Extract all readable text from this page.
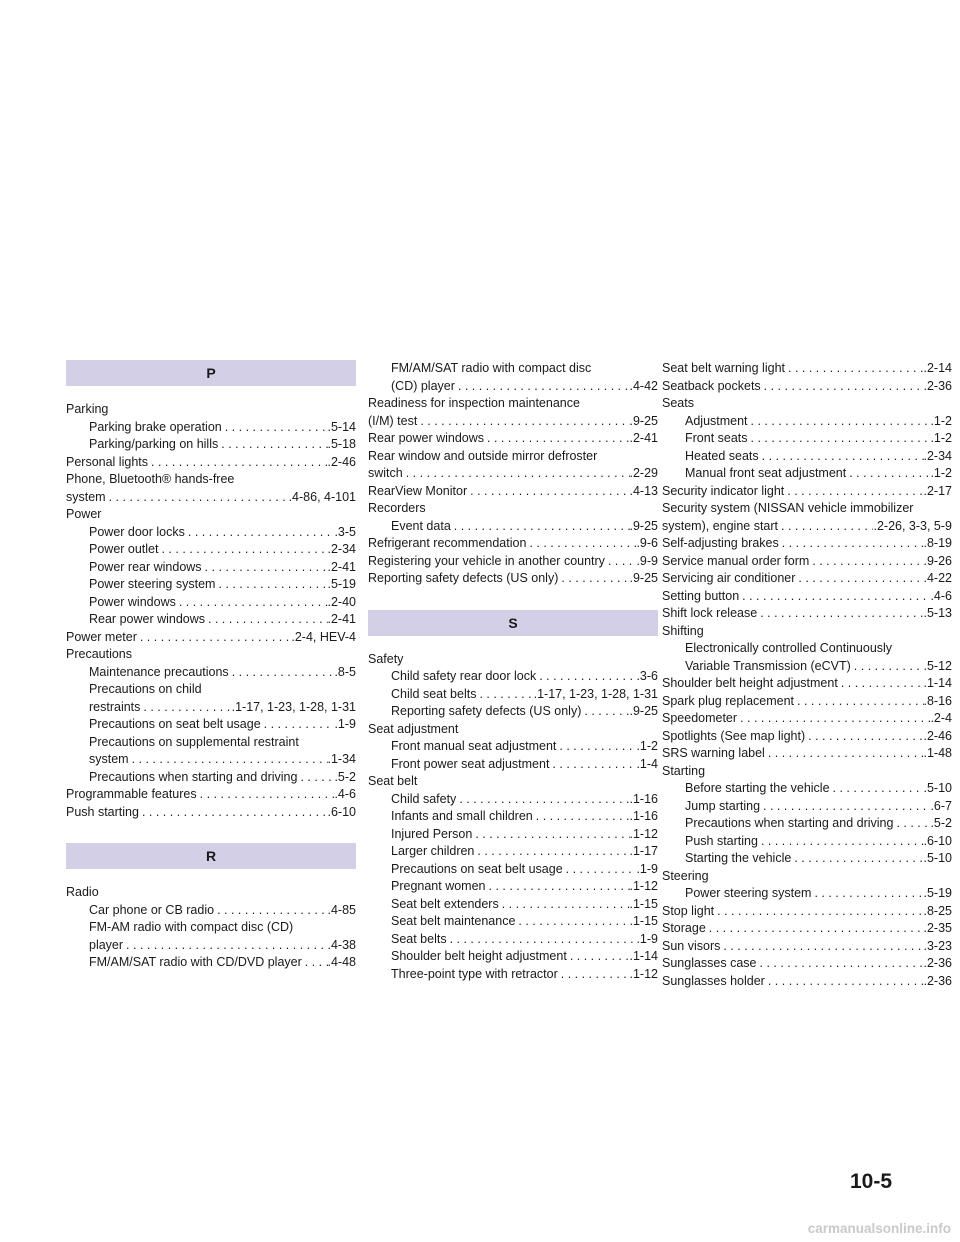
P
Parking
Parking brake operation . . .	.5-14
Parking/parking on hills . . .	.5-18
Personal lights . . .	.2-46
Phone, Bluetooth® hands-free
system . . .	.4-86, 4-101
Power
Power door locks . . .	.3-5
Power outlet . . .	.2-34
Power rear windows . . .	.2-41
Power steering system . . .	.5-19
Power windows . . .	.2-40
Rear power windows . . .	.2-41
Power meter . . .	.2-4, HEV-4
Precautions
Maintenance precautions . . .	.8-5
Precautions on child
restraints . . .	.1-17, 1-23, 1-28, 1-31
Precautions on seat belt usage . . .	.1-9
Precautions on supplemental restraint
system . . .	.1-34
Precautions when starting and driving . . .	.5-2
Programmable features . . .	.4-6
Push starting . . .	.6-10
R
Radio
Car phone or CB radio . . .	.4-85
FM-AM radio with compact disc (CD)
player . . .	.4-38
FM/AM/SAT radio with CD/DVD player . . . .4-48
FM/AM/SAT radio with compact disc
(CD) player . . .	.4-42
Readiness for inspection maintenance
(I/M) test . . .	.9-25
Rear power windows . . .	.2-41
Rear window and outside mirror defroster
switch . . .	.2-29
RearView Monitor . . .	.4-13
Recorders
Event data . . .	.9-25
Refrigerant recommendation . . .	.9-6
Registering your vehicle in another country . . .	.9-9
Reporting safety defects (US only) . . .	.9-25
S
Safety
Child safety rear door lock . . .	.3-6
Child seat belts . . .	.1-17, 1-23, 1-28, 1-31
Reporting safety defects (US only) . . .	.9-25
Seat adjustment
Front manual seat adjustment . . .	.1-2
Front power seat adjustment . . .	.1-4
Seat belt
Child safety . . .	.1-16
Infants and small children . . .	.1-16
Injured Person . . .	.1-12
Larger children . . .	.1-17
Precautions on seat belt usage . . .	.1-9
Pregnant women . . .	.1-12
Seat belt extenders . . .	.1-15
Seat belt maintenance . . .	.1-15
Seat belts . . .	.1-9
Shoulder belt height adjustment . . .	.1-14
Three-point type with retractor . . .	.1-12
Seat belt warning light . . .	.2-14
Seatback pockets . . .	.2-36
Seats
Adjustment . . .	.1-2
Front seats . . .	.1-2
Heated seats . . .	.2-34
Manual front seat adjustment . . .	.1-2
Security indicator light . . .	.2-17
Security system (NISSAN vehicle immobilizer
system), engine start . . .	.2-26, 3-3, 5-9
Self-adjusting brakes . . .	.8-19
Service manual order form . . .	.9-26
Servicing air conditioner . . .	.4-22
Setting button . . .	.4-6
Shift lock release . . .	.5-13
Shifting
Electronically controlled Continuously
Variable Transmission (eCVT) . . .	.5-12
Shoulder belt height adjustment . . .	.1-14
Spark plug replacement . . .	.8-16
Speedometer . . .	.2-4
Spotlights (See map light) . . .	.2-46
SRS warning label . . .	.1-48
Starting
Before starting the vehicle . . .	.5-10
Jump starting . . .	.6-7
Precautions when starting and driving . . .	.5-2
Push starting . . .	.6-10
Starting the vehicle . . .	.5-10
Steering
Power steering system . . .	.5-19
Stop light . . .	.8-25
Storage . . .	.2-35
Sun visors . . .	.3-23
Sunglasses case . . .	.2-36
Sunglasses holder . . .	.2-36
10-5
carmanualsonline.info
